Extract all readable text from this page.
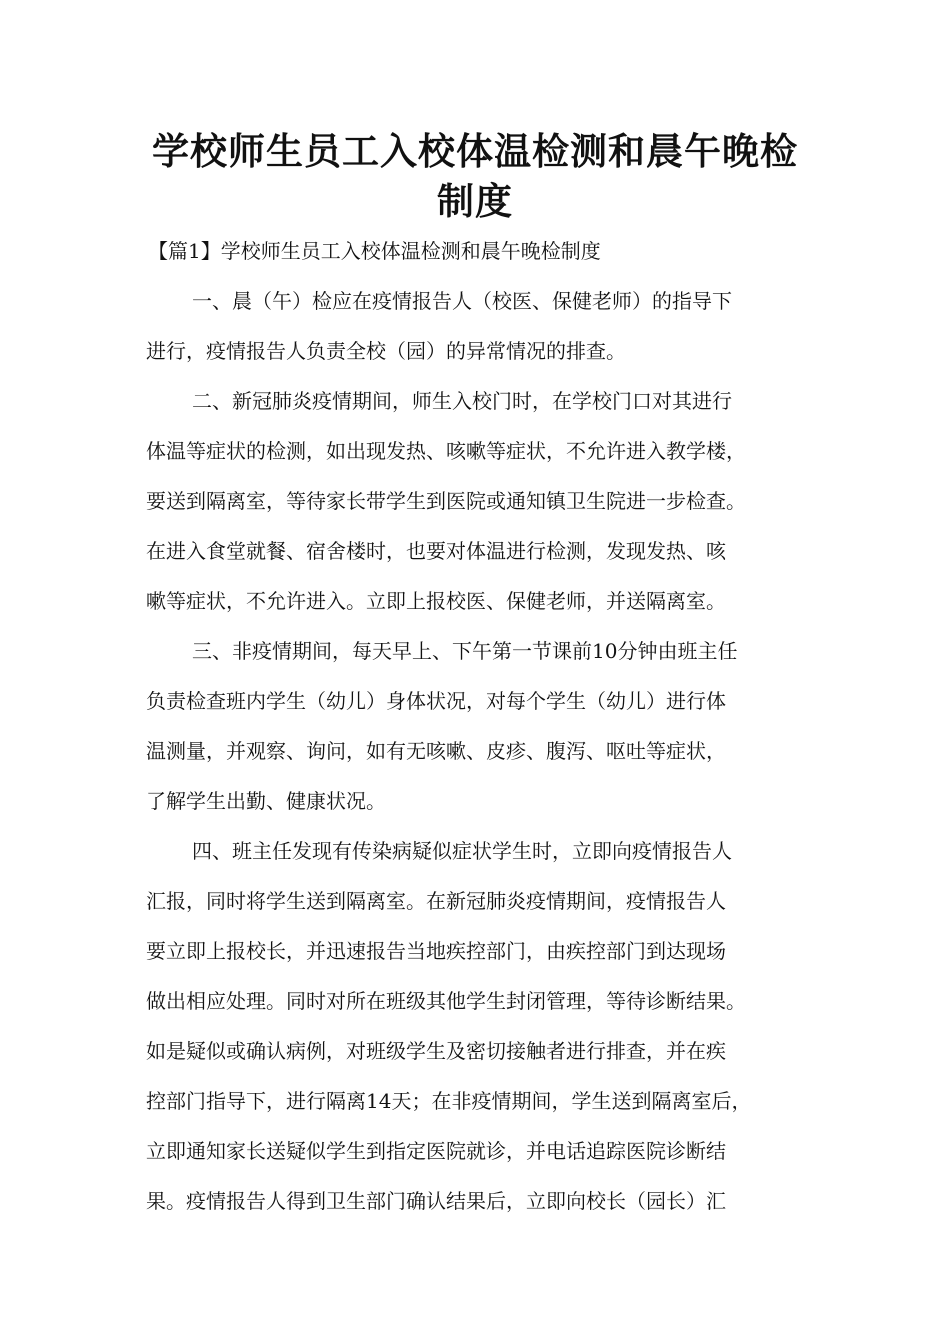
学校师生员工入校体温检测和晨午晚检
制度
【篇1】学校师生员工入校体温检测和晨午晚检制度
一、晨（午）检应在疫情报告人（校医、保健老师）的指导下
进行，疫情报告人负责全校（园）的异常情况的排查。
二、新冠肺炎疫情期间，师生入校门时，在学校门口对其进行
体温等症状的检测，如出现发热、咳嗽等症状，不允许进入教学楼，
要送到隔离室，等待家长带学生到医院或通知镇卫生院进一步检查。
在进入食堂就餐、宿舍楼时，也要对体温进行检测，发现发热、咳
嗽等症状，不允许进入。立即上报校医、保健老师，并送隔离室。
三、非疫情期间，每天早上、下午第一节课前10分钟由班主任
负责检查班内学生（幼儿）身体状况，对每个学生（幼儿）进行体
温测量，并观察、询问，如有无咳嗽、皮疹、腹泻、呕吐等症状，
了解学生出勤、健康状况。
四、班主任发现有传染病疑似症状学生时，立即向疫情报告人
汇报，同时将学生送到隔离室。在新冠肺炎疫情期间，疫情报告人
要立即上报校长，并迅速报告当地疾控部门，由疾控部门到达现场
做出相应处理。同时对所在班级其他学生封闭管理，等待诊断结果。
如是疑似或确认病例，对班级学生及密切接触者进行排查，并在疾
控部门指导下，进行隔离14天；在非疫情期间，学生送到隔离室后，
立即通知家长送疑似学生到指定医院就诊，并电话追踪医院诊断结
果。疫情报告人得到卫生部门确认结果后，立即向校长（园长）汇
